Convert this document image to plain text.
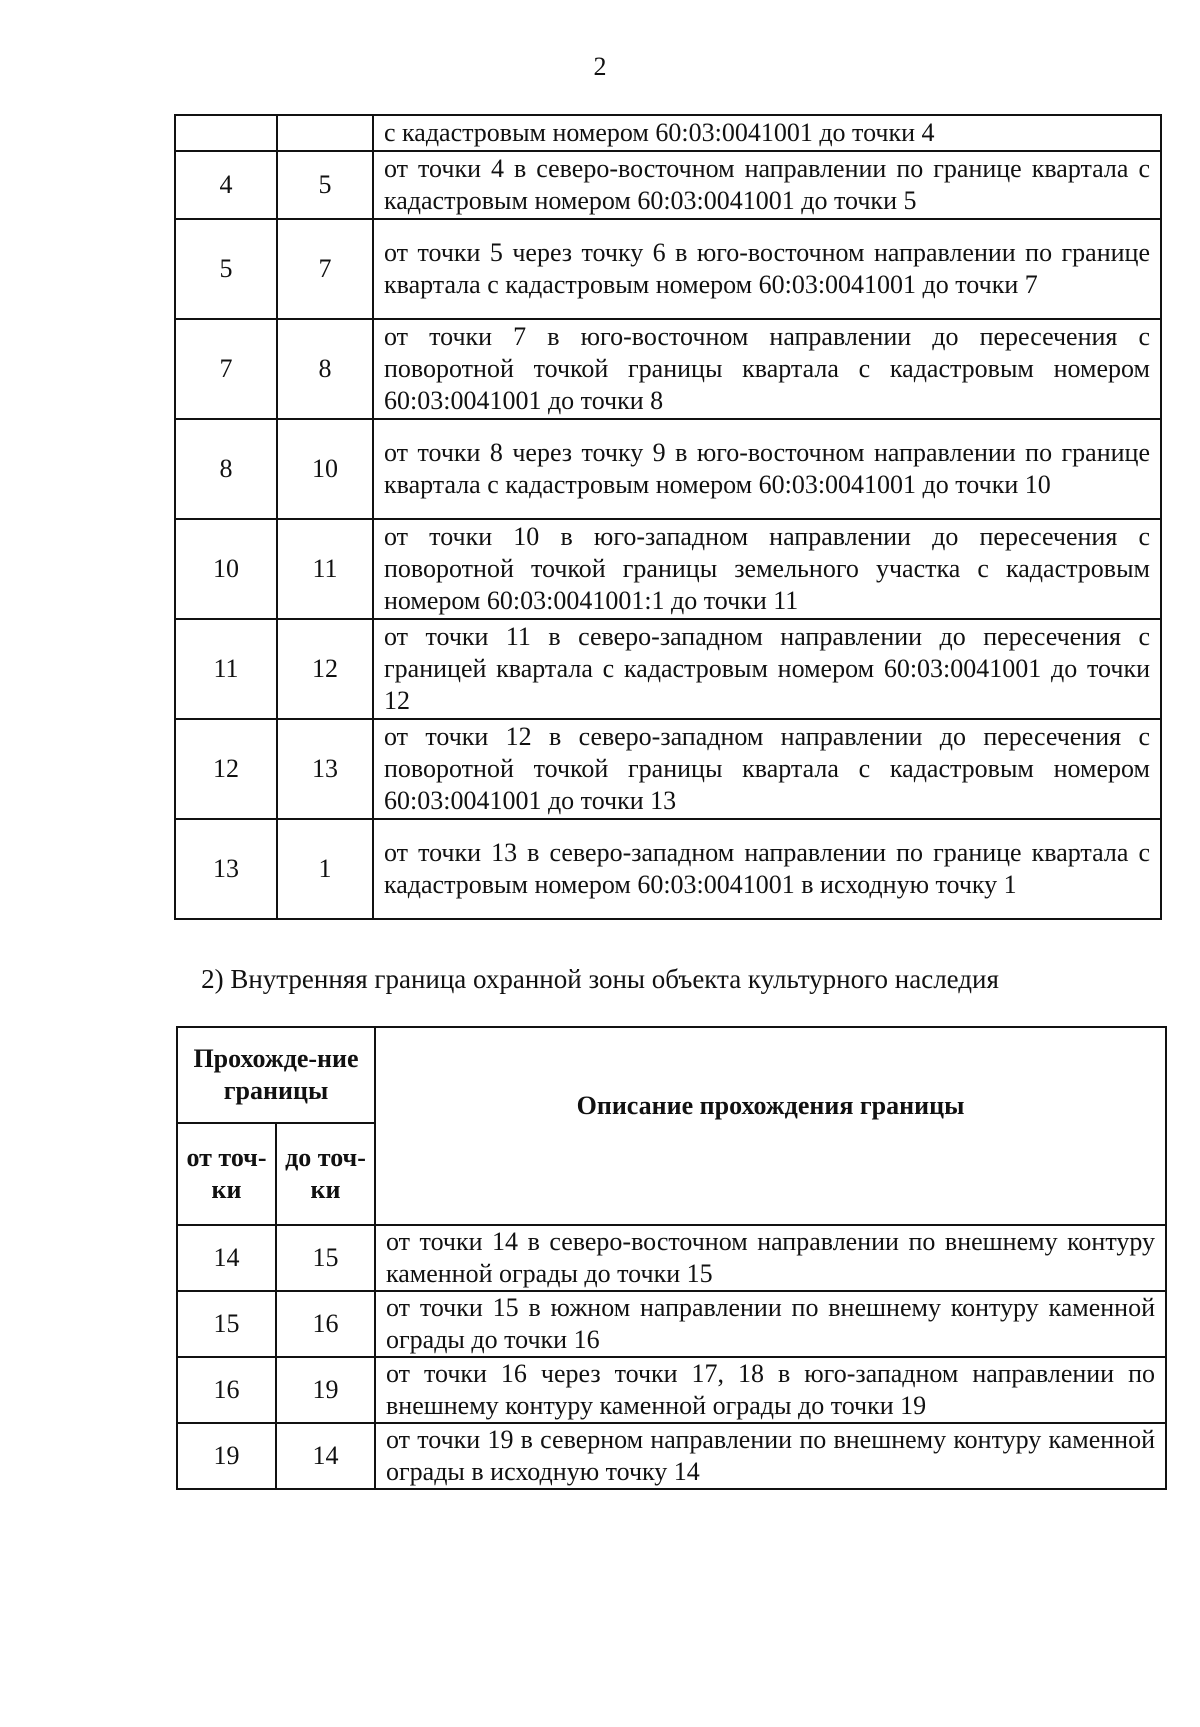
2
		с кадастровым номером 60:03:0041001 до точки 4
4	5	от точки 4 в северо-восточном направлении по границе квартала с кадастровым номером 60:03:0041001 до точки 5
5	7	от точки 5 через точку 6 в юго-восточном направлении по границе квартала с кадастровым номером 60:03:0041001 до точки 7
7	8	от точки 7 в юго-восточном направлении до пересечения с поворотной точкой границы квартала с кадастровым номером 60:03:0041001 до точки 8
8	10	от точки 8 через точку 9 в юго-восточном направлении по границе квартала с кадастровым номером 60:03:0041001 до точки 10
10	11	от точки 10 в юго-западном направлении до пересечения с поворотной точкой границы земельного участка с кадастровым номером 60:03:0041001:1 до точки 11
11	12	от точки 11 в северо-западном направлении до пересечения с границей квартала с кадастровым номером 60:03:0041001 до точки 12
12	13	от точки 12 в северо-западном направлении до пересечения с поворотной точкой границы квартала с кадастровым номером 60:03:0041001 до точки 13
13	1	от точки 13 в северо-западном направлении по границе квартала с кадастровым номером 60:03:0041001 в исходную точку 1
2) Внутренняя граница охранной зоны объекта культурного наследия
Прохожде-ние границы		Описание прохождения границы
от точ-ки	до точ-ки	
14	15	от точки 14 в северо-восточном направлении по внешнему контуру каменной ограды до точки 15
15	16	от точки 15 в южном направлении по внешнему контуру каменной ограды до точки 16
16	19	от точки 16 через точки 17, 18 в юго-западном направлении по внешнему контуру каменной ограды до точки 19
19	14	от точки 19 в северном направлении по внешнему контуру каменной ограды в исходную точку 14
